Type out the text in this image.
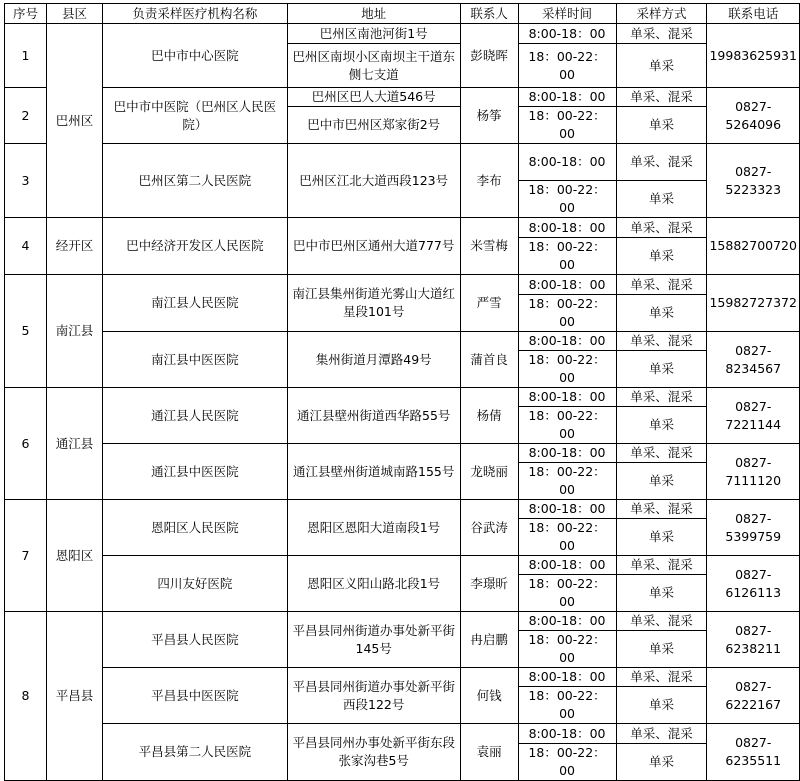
序号	县区	负责采样医疗机构名称	地址	联系人	采样时间	采样方式	联系电话
1	巴州区	巴中市中心医院	巴州区南池河街1号	彭晓晖	8:00-18：00	单采、混采	19983625931
			巴州区南坝小区南坝主干道东侧七支道		18：00-22：00	单采	
2		巴中市中医院（巴州区人民医院）	巴州区巴人大道546号	杨筝	8:00-18：00	单采、混采	0827-5264096
			巴中市巴州区郑家街2号		18：00-22：00	单采	
3		巴州区第二人民医院	巴州区江北大道西段123号	李布	8:00-18：00	单采、混采	0827-5223323
					18：00-22：00	单采	
4	经开区	巴中经济开发区人民医院	巴中市巴州区通州大道777号	米雪梅	8:00-18：00	单采、混采	15882700720
					18：00-22：00	单采	
5	南江县	南江县人民医院	南江县集州街道光雾山大道红星段101号	严雪	8:00-18：00	单采、混采	15982727372
					18：00-22：00	单采	
		南江县中医医院	集州街道月潭路49号	蒲首良	8:00-18：00	单采、混采	0827-8234567
					18：00-22：00	单采	
6	通江县	通江县人民医院	通江县壁州街道西华路55号	杨倩	8:00-18：00	单采、混采	0827-7221144
					18：00-22：00	单采	
		通江县中医医院	通江县壁州街道城南路155号	龙晓丽	8:00-18：00	单采、混采	0827-7111120
					18：00-22：00	单采	
7	恩阳区	恩阳区人民医院	恩阳区恩阳大道南段1号	谷武涛	8:00-18：00	单采、混采	0827-5399759
					18：00-22：00	单采	
		四川友好医院	恩阳区义阳山路北段1号	李璟昕	8:00-18：00	单采、混采	0827-6126113
					18：00-22：00	单采	
8	平昌县	平昌县人民医院	平昌县同州街道办事处新平街145号	冉启鹏	8:00-18：00	单采、混采	0827-6238211
					18：00-22：00	单采	
		平昌县中医医院	平昌县同州街道办事处新平街西段122号	何钱	8:00-18：00	单采、混采	0827-6222167
					18：00-22：00	单采	
		平昌县第二人民医院	平昌县同州办事处新平街东段张家沟巷5号	袁丽	8:00-18：00	单采、混采	0827-6235511
					18：00-22：00	单采	
